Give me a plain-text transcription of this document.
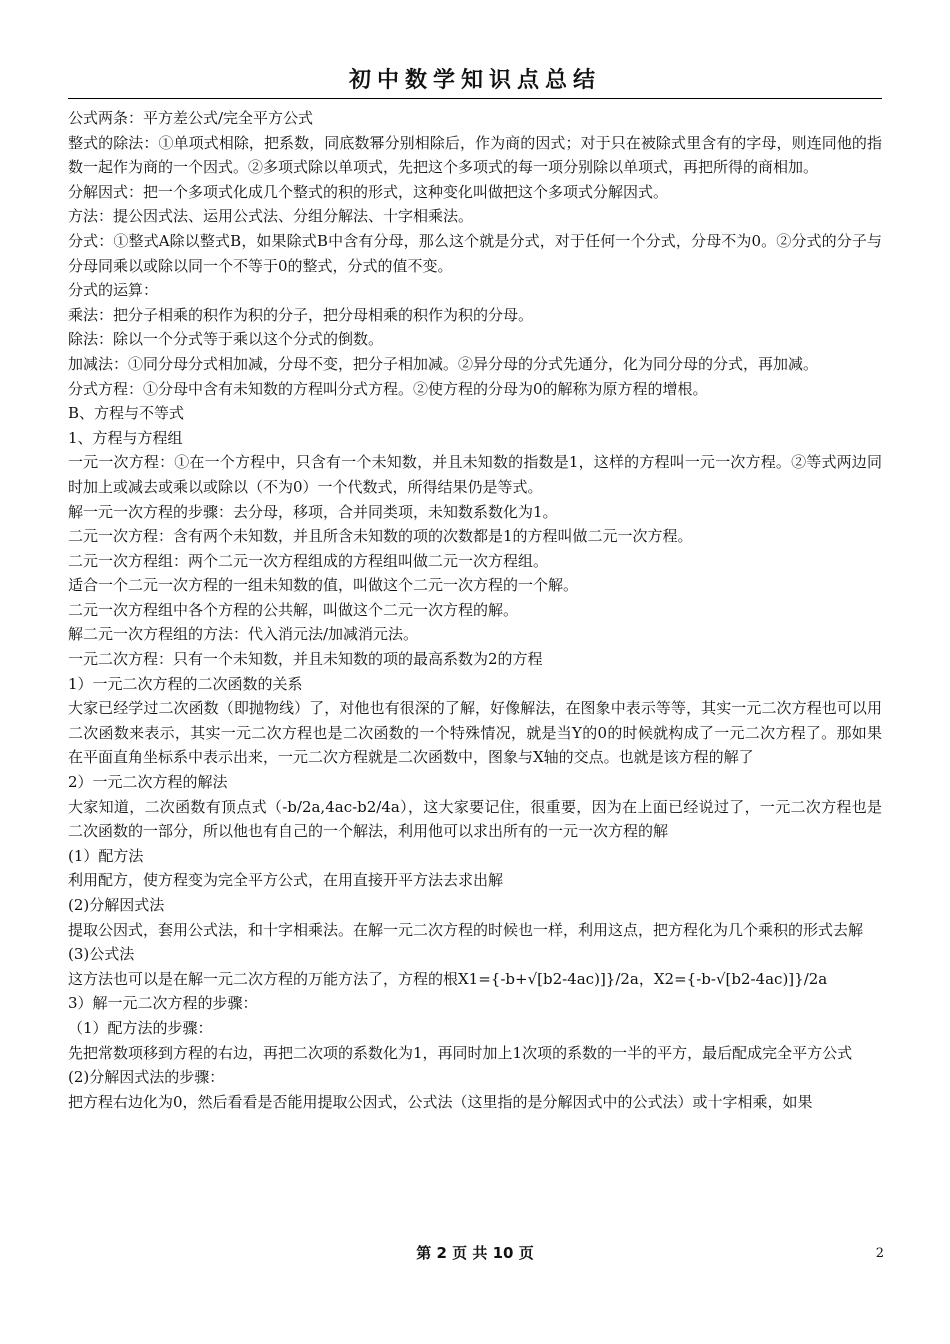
初中数学知识点总结

公式两条：平方差公式/完全平方公式

整式的除法：①单项式相除，把系数，同底数幂分别相除后，作为商的因式；对于只在被除式里含有的字母，则连同他的指数一起作为商的一个因式。②多项式除以单项式，先把这个多项式的每一项分别除以单项式，再把所得的商相加。

分解因式：把一个多项式化成几个整式的积的形式，这种变化叫做把这个多项式分解因式。

方法：提公因式法、运用公式法、分组分解法、十字相乘法。

分式：①整式A除以整式B，如果除式B中含有分母，那么这个就是分式，对于任何一个分式，分母不为0。②分式的分子与分母同乘以或除以同一个不等于0的整式，分式的值不变。

分式的运算：

乘法：把分子相乘的积作为积的分子，把分母相乘的积作为积的分母。

除法：除以一个分式等于乘以这个分式的倒数。

加减法：①同分母分式相加减，分母不变，把分子相加减。②异分母的分式先通分，化为同分母的分式，再加减。

分式方程：①分母中含有未知数的方程叫分式方程。②使方程的分母为0的解称为原方程的增根。

B、方程与不等式

1、方程与方程组

一元一次方程：①在一个方程中，只含有一个未知数，并且未知数的指数是1，这样的方程叫一元一次方程。②等式两边同时加上或减去或乘以或除以（不为0）一个代数式，所得结果仍是等式。

解一元一次方程的步骤：去分母，移项，合并同类项，未知数系数化为1。

二元一次方程：含有两个未知数，并且所含未知数的项的次数都是1的方程叫做二元一次方程。

二元一次方程组：两个二元一次方程组成的方程组叫做二元一次方程组。

适合一个二元一次方程的一组未知数的值，叫做这个二元一次方程的一个解。

二元一次方程组中各个方程的公共解，叫做这个二元一次方程的解。

解二元一次方程组的方法：代入消元法/加减消元法。

一元二次方程：只有一个未知数，并且未知数的项的最高系数为2的方程

1）一元二次方程的二次函数的关系

大家已经学过二次函数（即抛物线）了，对他也有很深的了解，好像解法，在图象中表示等等，其实一元二次方程也可以用二次函数来表示，其实一元二次方程也是二次函数的一个特殊情况，就是当Y的0的时候就构成了一元二次方程了。那如果在平面直角坐标系中表示出来，一元二次方程就是二次函数中，图象与X轴的交点。也就是该方程的解了

2）一元二次方程的解法

大家知道，二次函数有顶点式（-b/2a,4ac-b2/4a），这大家要记住，很重要，因为在上面已经说过了，一元二次方程也是二次函数的一部分，所以他也有自己的一个解法，利用他可以求出所有的一元一次方程的解

(1）配方法

利用配方，使方程变为完全平方公式，在用直接开平方法去求出解

(2)分解因式法

提取公因式，套用公式法，和十字相乘法。在解一元二次方程的时候也一样，利用这点，把方程化为几个乘积的形式去解

(3)公式法

这方法也可以是在解一元二次方程的万能方法了，方程的根X1={-b+√[b2-4ac)]}/2a，X2={-b-√[b2-4ac)]}/2a

3）解一元二次方程的步骤：

（1）配方法的步骤：

先把常数项移到方程的右边，再把二次项的系数化为1，再同时加上1次项的系数的一半的平方，最后配成完全平方公式

(2)分解因式法的步骤：

把方程右边化为0，然后看看是否能用提取公因式，公式法（这里指的是分解因式中的公式法）或十字相乘，如果

第 2 页 共 10 页	2
